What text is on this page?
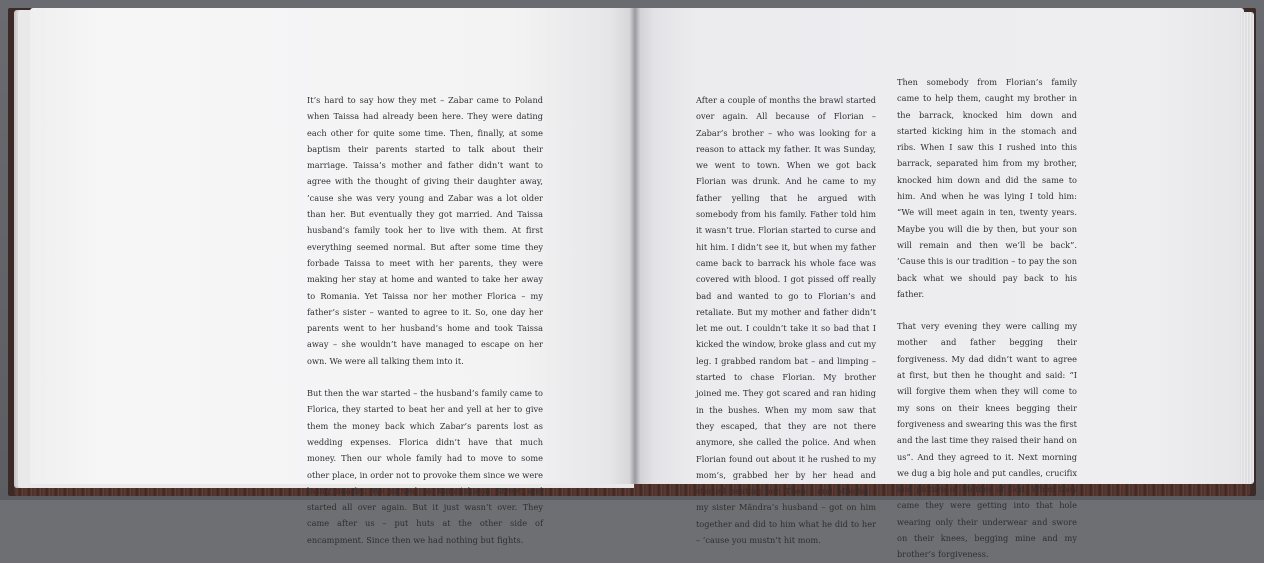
It’s hard to say how they met – Zabar came to Poland when Taissa had already been here. They were dating each other for quite some time. Then, finally, at some baptism their parents started to talk about their marriage. Taissa’s mother and father didn’t want to agree with the thought of giving their daughter away, ’cause she was very young and Zabar was a lot older than her. But eventually they got married. And Taissa husband’s family took her to live with them. At first everything seemed normal. But after some time they forbade Taissa to meet with her parents, they were making her stay at home and wanted to take her away to Romania. Yet Taissa nor her mother Florica – my father’s sister – wanted to agree to it. So, one day her parents went to her husband’s home and took Taissa away – she wouldn’t have managed to escape on her own. We were all talking them into it.

But then the war started – the husband’s family came to Florica, they started to beat her and yell at her to give them the money back which Zabar’s parents lost as wedding expenses. Florica didn’t have that much money. Then our whole family had to move to some other place, in order not to provoke them since we were living nearby. We moved to Kamińskiego Street and started all over again. But it just wasn’t over. They came after us – put huts at the other side of encampment. Since then we had nothing but fights.

After a couple of months the brawl started over again. All because of Florian – Zabar’s brother – who was looking for a reason to attack my father. It was Sunday, we went to town. When we got back Florian was drunk. And he came to my father yelling that he argued with somebody from his family. Father told him it wasn’t true. Florian started to curse and hit him. I didn’t see it, but when my father came back to barrack his whole face was covered with blood. I got pissed off really bad and wanted to go to Florian’s and retaliate. But my mother and father didn’t let me out. I couldn’t take it so bad that I kicked the window, broke glass and cut my leg. I grabbed random bat – and limping – started to chase Florian. My brother joined me. They got scared and ran hiding in the bushes. When my mom saw that they escaped, that they are not there anymore, she called the police. And when Florian found out about it he rushed to my mom’s, grabbed her by her head and started beating her. Then I and Mikołaj – my sister Măndra’s husband – got on him together and did to him what he did to her – ’cause you mustn’t hit mom.

Then somebody from Florian’s family came to help them, caught my brother in the barrack, knocked him down and started kicking him in the stomach and ribs. When I saw this I rushed into this barrack, separated him from my brother, knocked him down and did the same to him. And when he was lying I told him: “We will meet again in ten, twenty years. Maybe you will die by then, but your son will remain and then we’ll be back”. ’Cause this is our tradition – to pay the son back what we should pay back to his father.

That very evening they were calling my mother and father begging their forgiveness. My dad didn’t want to agree at first, but then he thought and said: “I will forgive them when they will come to my sons on their knees begging their forgiveness and swearing this was the first and the last time they raised their hand on us”. And they agreed to it. Next morning we dug a big hole and put candles, crucifix and picture of Mother of God. When they came they were getting into that hole wearing only their underwear and swore on their knees, begging mine and my brother’s forgiveness.
